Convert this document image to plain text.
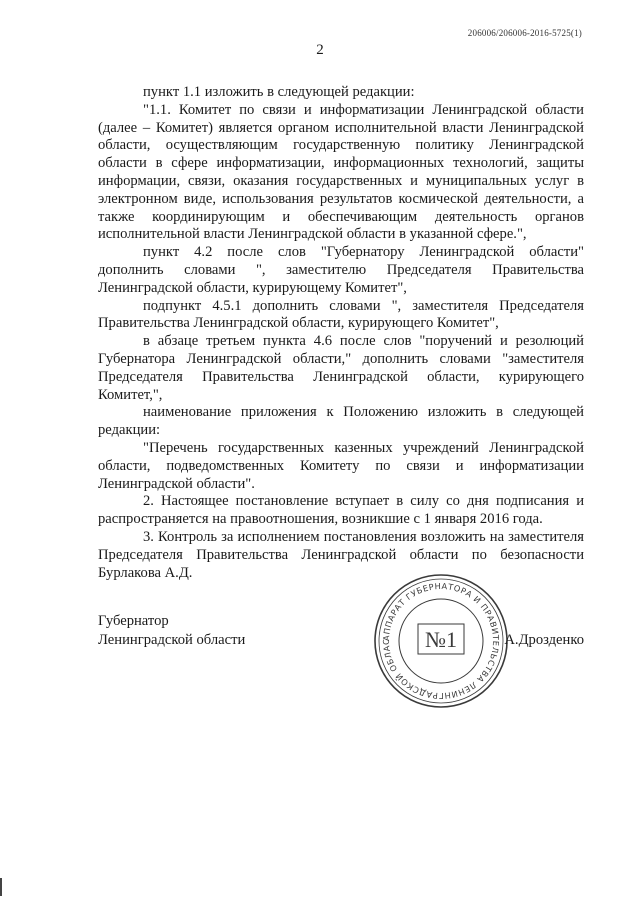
206006/206006-2016-5725(1)
2

пункт 1.1 изложить в следующей редакции:

"1.1. Комитет по связи и информатизации Ленинградской области (далее – Комитет) является органом исполнительной власти Ленинградской области, осуществляющим государственную политику Ленинградской области в сфере информатизации, информационных технологий, защиты информации, связи, оказания государственных и муниципальных услуг в электронном виде, использования результатов космической деятельности, а также координирующим и обеспечивающим деятельность органов исполнительной власти Ленинградской области в указанной сфере.",

пункт 4.2 после слов "Губернатору Ленинградской области" дополнить словами ", заместителю Председателя Правительства Ленинградской области, курирующему Комитет",

подпункт 4.5.1 дополнить словами ", заместителя Председателя Правительства Ленинградской области, курирующего Комитет",

в абзаце третьем пункта 4.6 после слов "поручений и резолюций Губернатора Ленинградской области," дополнить словами "заместителя Председателя Правительства Ленинградской области, курирующего Комитет,",

наименование приложения к Положению изложить в следующей редакции:

"Перечень государственных казенных учреждений Ленинградской области, подведомственных Комитету по связи и информатизации Ленинградской области".

2. Настоящее постановление вступает в силу со дня подписания и распространяется на правоотношения, возникшие с 1 января 2016 года.

3. Контроль за исполнением постановления возложить на заместителя Председателя Правительства Ленинградской области по безопасности Бурлакова А.Д.

АППАРАТ ГУБЕРНАТОРА И ПРАВИТЕЛЬСТВА ЛЕНИНГРАДСКОЙ ОБЛАС	№1
Губернатор
Ленинградской области	А.Дрозденко
